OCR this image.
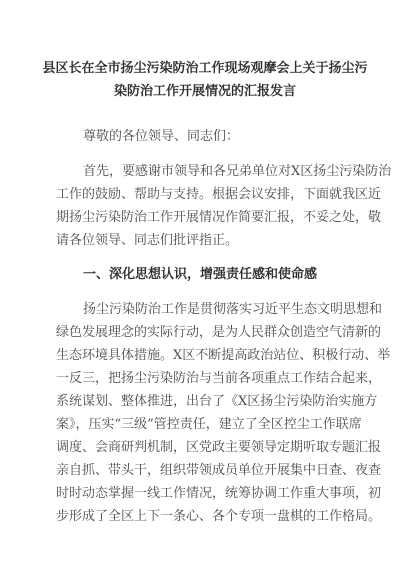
县区长在全市扬尘污染防治工作现场观摩会上关于扬尘污
染防治工作开展情况的汇报发言
尊敬的各位领导、同志们：
首先，要感谢市领导和各兄弟单位对X区扬尘污染防治
工作的鼓励、帮助与支持。根据会议安排，下面就我区近
期扬尘污染防治工作开展情况作简要汇报，不妥之处，敬
请各位领导、同志们批评指正。
一、深化思想认识，增强责任感和使命感
扬尘污染防治工作是贯彻落实习近平生态文明思想和
绿色发展理念的实际行动，是为人民群众创造空气清新的
生态环境具体措施。X区不断提高政治站位、积极行动、举
一反三，把扬尘污染防治与当前各项重点工作结合起来，
系统谋划、整体推进，出台了《X区扬尘污染防治实施方
案》，压实“三级”管控责任，建立了全区控尘工作联席
调度、会商研判机制，区党政主要领导定期听取专题汇报
亲自抓、带头干，组织带领成员单位开展集中日查、夜查
时时动态掌握一线工作情况，统筹协调工作重大事项，初
步形成了全区上下一条心、各个专项一盘棋的工作格局。
